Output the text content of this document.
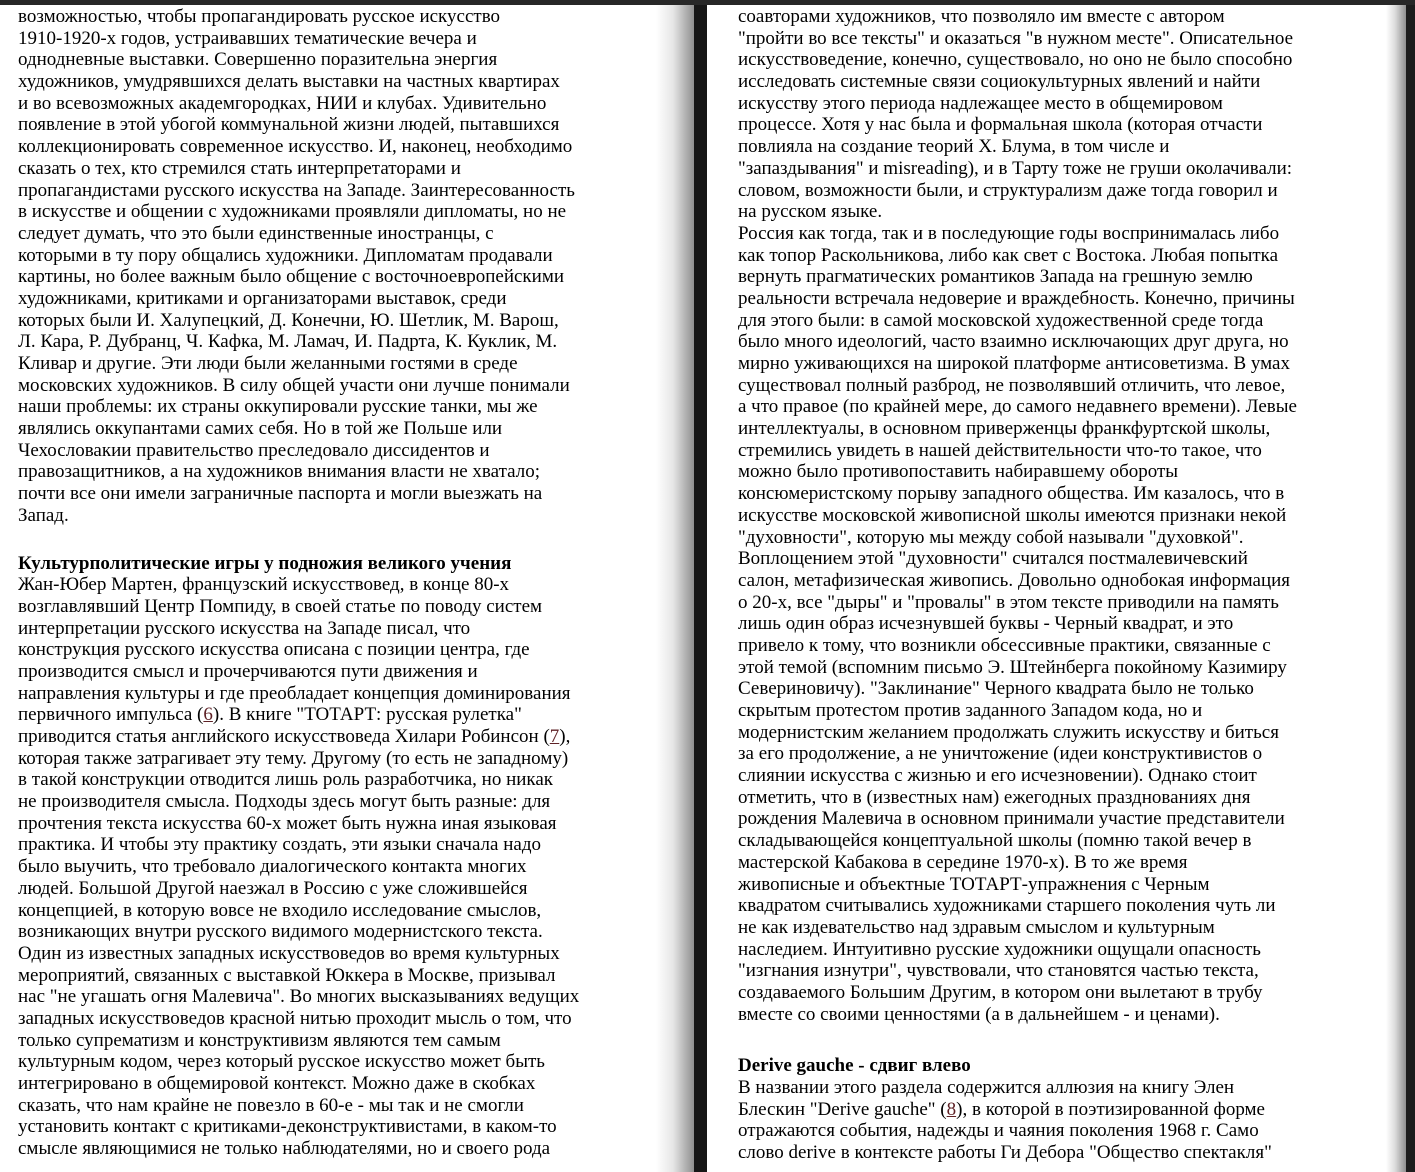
возможностью, чтобы пропагандировать русское искусство
1910-1920-х годов, устраивавших тематические вечера и
однодневные выставки. Совершенно поразительна энергия
художников, умудрявшихся делать выставки на частных квартирах
и во всевозможных академгородках, НИИ и клубах. Удивительно
появление в этой убогой коммунальной жизни людей, пытавшихся
коллекционировать современное искусство. И, наконец, необходимо
сказать о тех, кто стремился стать интерпретаторами и
пропагандистами русского искусства на Западе. Заинтересованность
в искусстве и общении с художниками проявляли дипломаты, но не
следует думать, что это были единственные иностранцы, с
которыми в ту пору общались художники. Дипломатам продавали
картины, но более важным было общение с восточноевропейскими
художниками, критиками и организаторами выставок, среди
которых были И. Халупецкий, Д. Конечни, Ю. Шетлик, М. Варош,
Л. Кара, Р. Дубранц, Ч. Кафка, М. Ламач, И. Падрта, К. Куклик, М.
Кливар и другие. Эти люди были желанными гостями в среде
московских художников. В силу общей участи они лучше понимали
наши проблемы: их страны оккупировали русские танки, мы же
являлись оккупантами самих себя. Но в той же Польше или
Чехословакии правительство преследовало диссидентов и
правозащитников, а на художников внимания власти не хватало;
почти все они имели заграничные паспорта и могли выезжать на
Запад.
Культурполитические игры у подножия великого учения
Жан-Юбер Мартен, французский искусствовед, в конце 80-х
возглавлявший Центр Помпиду, в своей статье по поводу систем
интерпретации русского искусства на Западе писал, что
конструкция русского искусства описана с позиции центра, где
производится смысл и прочерчиваются пути движения и
направления культуры и где преобладает концепция доминирования
первичного импульса (6). В книге "ТОТАРТ: русская рулетка"
приводится статья английского искусствоведа Хилари Робинсон (7),
которая также затрагивает эту тему. Другому (то есть не западному)
в такой конструкции отводится лишь роль разработчика, но никак
не производителя смысла. Подходы здесь могут быть разные: для
прочтения текста искусства 60-х может быть нужна иная языковая
практика. И чтобы эту практику создать, эти языки сначала надо
было выучить, что требовало диалогического контакта многих
людей. Большой Другой наезжал в Россию с уже сложившейся
концепцией, в которую вовсе не входило исследование смыслов,
возникающих внутри русского видимого модернистского текста.
Один из известных западных искусствоведов во время культурных
мероприятий, связанных с выставкой Юккера в Москве, призывал
нас "не угашать огня Малевича". Во многих высказываниях ведущих
западных искусствоведов красной нитью проходит мысль о том, что
только супрематизм и конструктивизм являются тем самым
культурным кодом, через который русское искусство может быть
интегрировано в общемировой контекст. Можно даже в скобках
сказать, что нам крайне не повезло в 60-е - мы так и не смогли
установить контакт с критиками-деконструктивистами, в каком-то
смысле являющимися не только наблюдателями, но и своего рода
соавторами художников, что позволяло им вместе с автором
"пройти во все тексты" и оказаться "в нужном месте". Описательное
искусствоведение, конечно, существовало, но оно не было способно
исследовать системные связи социокультурных явлений и найти
искусству этого периода надлежащее место в общемировом
процессе. Хотя у нас была и формальная школа (которая отчасти
повлияла на создание теорий Х. Блума, в том числе и
"запаздывания" и misreading), и в Тарту тоже не груши околачивали:
словом, возможности были, и структурализм даже тогда говорил и
на русском языке.
Россия как тогда, так и в последующие годы воспринималась либо
как топор Раскольникова, либо как свет с Востока. Любая попытка
вернуть прагматических романтиков Запада на грешную землю
реальности встречала недоверие и враждебность. Конечно, причины
для этого были: в самой московской художественной среде тогда
было много идеологий, часто взаимно исключающих друг друга, но
мирно уживающихся на широкой платформе антисоветизма. В умах
существовал полный разброд, не позволявший отличить, что левое,
а что правое (по крайней мере, до самого недавнего времени). Левые
интеллектуалы, в основном приверженцы франкфуртской школы,
стремились увидеть в нашей действительности что-то такое, что
можно было противопоставить набиравшему обороты
консюмеристскому порыву западного общества. Им казалось, что в
искусстве московской живописной школы имеются признаки некой
"духовности", которую мы между собой называли "духовкой".
Воплощением этой "духовности" считался постмалевичевский
салон, метафизическая живопись. Довольно однобокая информация
о 20-х, все "дыры" и "провалы" в этом тексте приводили на память
лишь один образ исчезнувшей буквы - Черный квадрат, и это
привело к тому, что возникли обсессивные практики, связанные с
этой темой (вспомним письмо Э. Штейнберга покойному Казимиру
Севериновичу). "Заклинание" Черного квадрата было не только
скрытым протестом против заданного Западом кода, но и
модернистским желанием продолжать служить искусству и биться
за его продолжение, а не уничтожение (идеи конструктивистов о
слиянии искусства с жизнью и его исчезновении). Однако стоит
отметить, что в (известных нам) ежегодных празднованиях дня
рождения Малевича в основном принимали участие представители
складывающейся концептуальной школы (помню такой вечер в
мастерской Кабакова в середине 1970-х). В то же время
живописные и объектные ТОТАРТ-упражнения с Черным
квадратом считывались художниками старшего поколения чуть ли
не как издевательство над здравым смыслом и культурным
наследием. Интуитивно русские художники ощущали опасность
"изгнания изнутри", чувствовали, что становятся частью текста,
создаваемого Большим Другим, в котором они вылетают в трубу
вместе со своими ценностями (а в дальнейшем - и ценами).
Derive gauche - сдвиг влево
В названии этого раздела содержится аллюзия на книгу Элен
Блескин "Derive gauche" (8), в которой в поэтизированной форме
отражаются события, надежды и чаяния поколения 1968 г. Само
слово derive в контексте работы Ги Дебора "Общество спектакля"
